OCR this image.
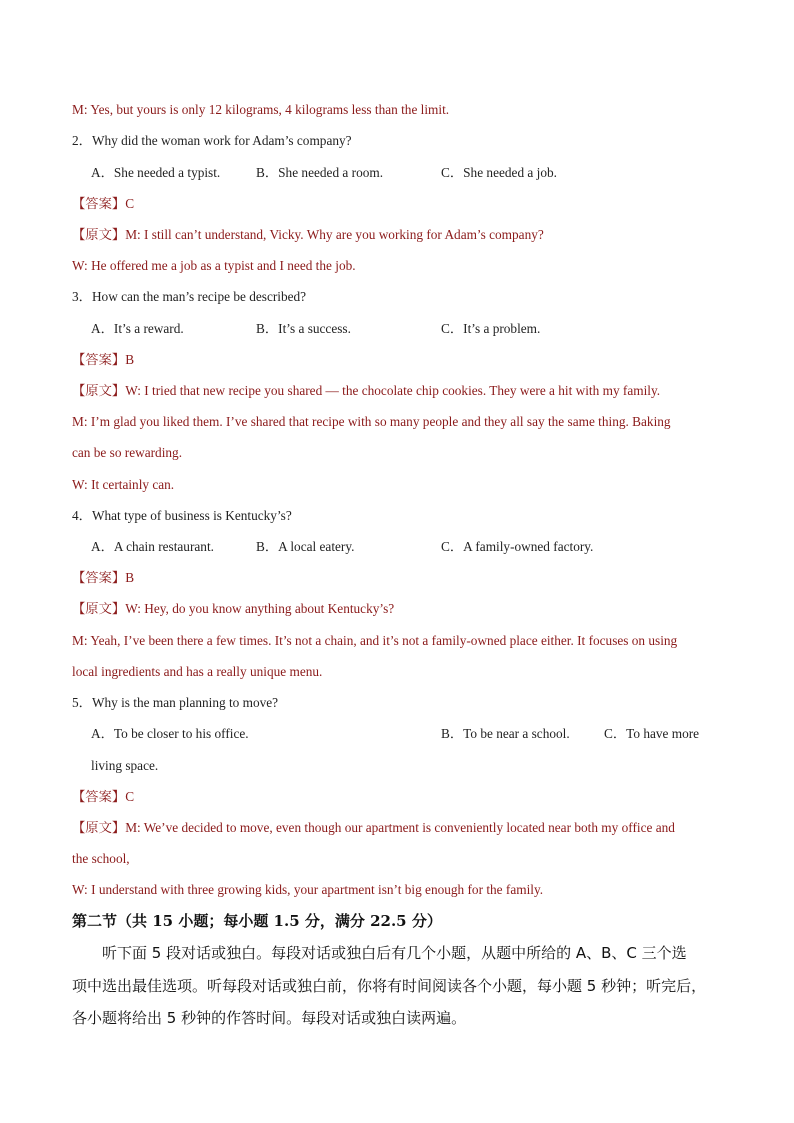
M: Yes, but yours is only 12 kilograms, 4 kilograms less than the limit.
2．Why did the woman work for Adam’s company?
A．She needed a typist.	B．She needed a room.	C．She needed a job.
【答案】C
【原文】M: I still can’t understand, Vicky. Why are you working for Adam’s company?
W: He offered me a job as a typist and I need the job.
3．How can the man’s recipe be described?
A．It’s a reward.	B．It’s a success.	C．It’s a problem.
【答案】B
【原文】W: I tried that new recipe you shared — the chocolate chip cookies. They were a hit with my family.
M: I’m glad you liked them. I’ve shared that recipe with so many people and they all say the same thing. Baking
can be so rewarding.
W: It certainly can.
4．What type of business is Kentucky’s?
A．A chain restaurant.	B．A local eatery.	C．A family-owned factory.
【答案】B
【原文】W: Hey, do you know anything about Kentucky’s?
M: Yeah, I’ve been there a few times. It’s not a chain, and it’s not a family-owned place either. It focuses on using
local ingredients and has a really unique menu.
5．Why is the man planning to move?
A．To be closer to his office.	B．To be near a school.	C．To have more
living space.
【答案】C
【原文】M: We’ve decided to move, even though our apartment is conveniently located near both my office and
the school,
W: I understand with three growing kids, your apartment isn’t big enough for the family.
第二节（共 15 小题；每小题 1.5 分，满分 22.5 分）
听下面 5 段对话或独白。每段对话或独白后有几个小题，从题中所给的 A、B、C 三个选
项中选出最佳选项。听每段对话或独白前，你将有时间阅读各个小题，每小题 5 秒钟；听完后，
各小题将给出 5 秒钟的作答时间。每段对话或独白读两遍。
